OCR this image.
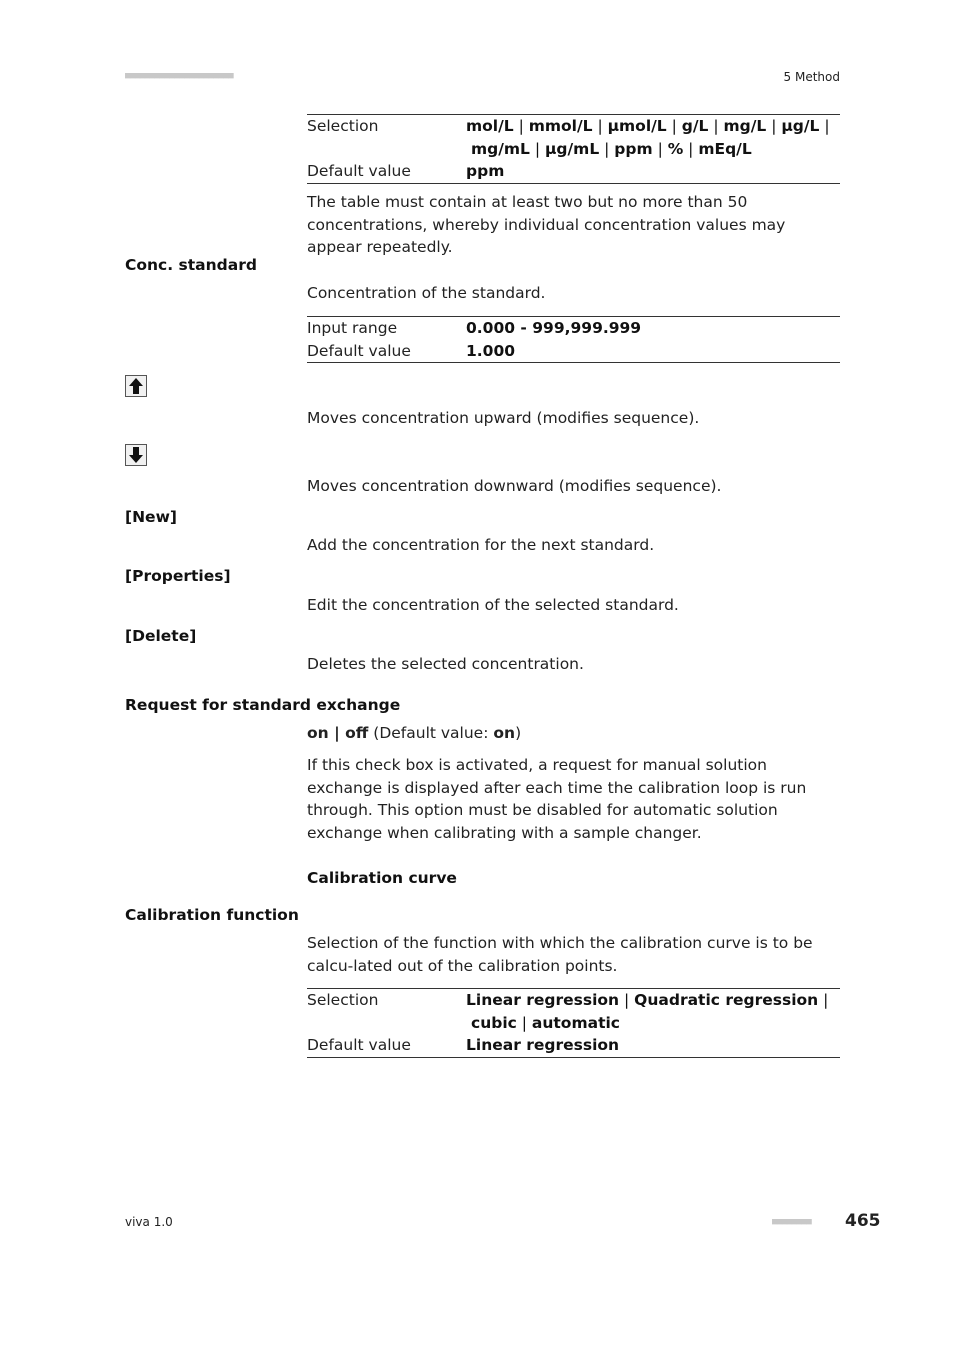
■■■■■■■■■■■■■■■■■■■■■■	5 Method
Selection	mol/L | mmol/L | µmol/L | g/L | mg/L | µg/L |
mg/mL | µg/mL | ppm | % | mEq/L
Default value	ppm
The table must contain at least two but no more than 50 concentrations, whereby individual concentration values may appear repeatedly.
Conc. standard
Concentration of the standard.
Input range	0.000 - 999,999.999
Default value	1.000
Moves concentration upward (modifies sequence).
Moves concentration downward (modifies sequence).
[New]
Add the concentration for the next standard.
[Properties]
Edit the concentration of the selected standard.
[Delete]
Deletes the selected concentration.
Request for standard exchange
on | off (Default value: on)
If this check box is activated, a request for manual solution exchange is displayed after each time the calibration loop is run through. This option must be disabled for automatic solution exchange when calibrating with a sample changer.
Calibration curve
Calibration function
Selection of the function with which the calibration curve is to be calcu-lated out of the calibration points.
Selection	Linear regression | Quadratic regression |
cubic | automatic
Default value	Linear regression
viva 1.0	■■■■■■■■ 465
